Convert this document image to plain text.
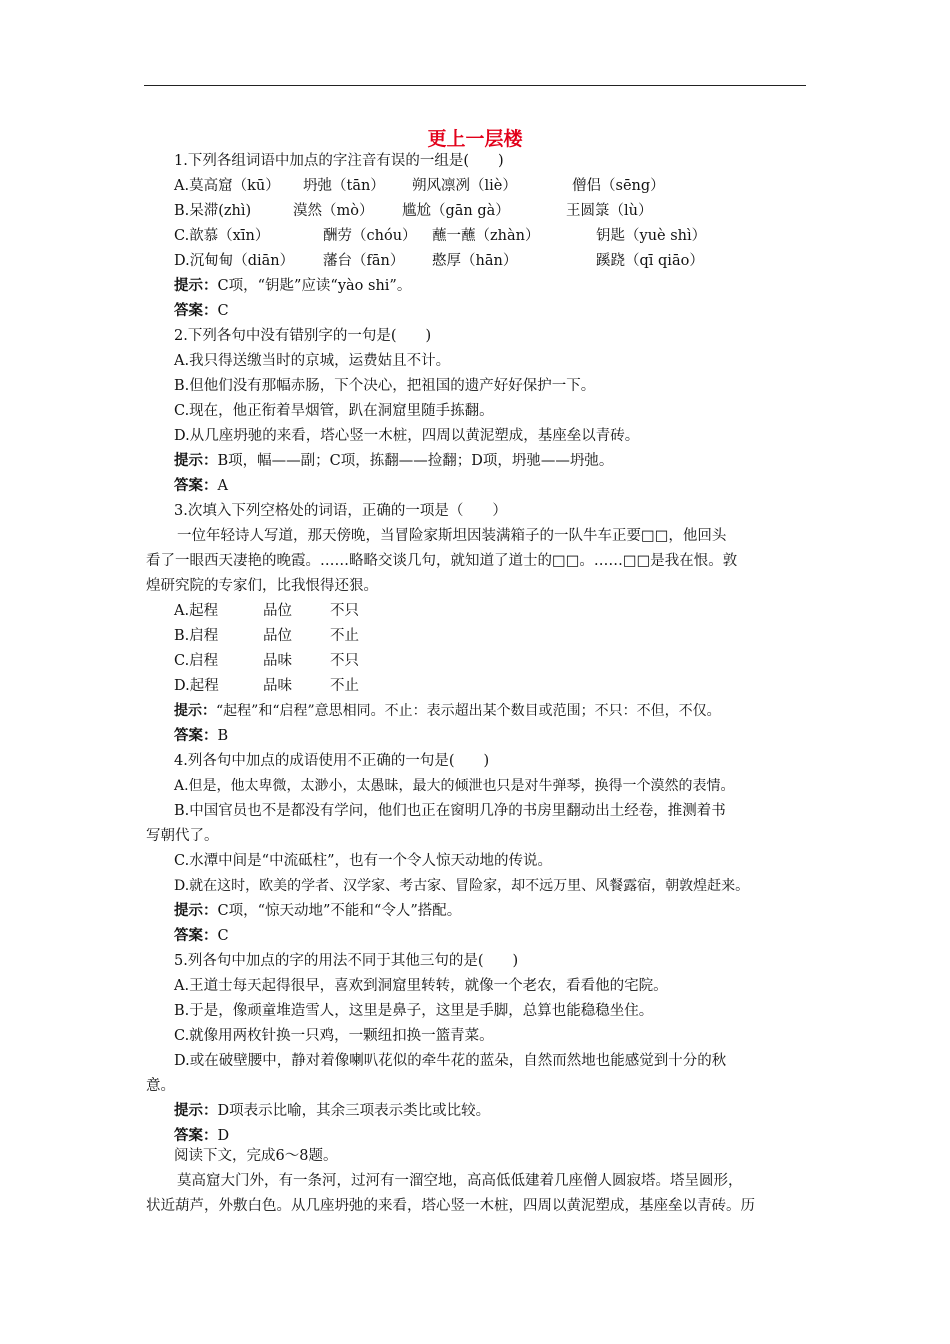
更上一层楼
1.下列各组词语中加点的字注音有误的一组是(　　)
A.莫高窟（kū） 坍弛（tān） 朔风凛冽（liè）	僧侣（sēng）
B.呆滞(zhì)	漠然（mò） 尴尬（gān gà）	王圆箓（lù）
C.歆慕（xīn）	酬劳（chóu） 蘸一蘸（zhàn）	钥匙（yuè shì）
D.沉甸甸（diān） 藩台（fān） 憨厚（hān）	蹊跷（qī qiāo）
提示：C项，“钥匙”应读“yào shi”。
答案：C
2.下列各句中没有错别字的一句是(　　)
A.我只得送缴当时的京城，运费姑且不计。
B.但他们没有那幅赤肠，下个决心，把祖国的遗产好好保护一下。
C.现在，他正衔着旱烟管，趴在洞窟里随手拣翻。
D.从几座坍驰的来看，塔心竖一木桩，四周以黄泥塑成，基座垒以青砖。
提示：B项，幅——副；C项，拣翻——捡翻；D项，坍驰——坍弛。
答案：A
3.次填入下列空格处的词语，正确的一项是（　　）
一位年轻诗人写道，那天傍晚，当冒险家斯坦因装满箱子的一队牛车正要□□，他回头
看了一眼西天凄艳的晚霞。……略略交谈几句，就知道了道士的□□。……□□是我在恨。敦
煌研究院的专家们，比我恨得还狠。
A.起程	品位	不只
B.启程	品位	不止
C.启程	品味	不只
D.起程	品味	不止
提示：“起程”和“启程”意思相同。不止：表示超出某个数目或范围；不只：不但，不仅。
答案：B
4.列各句中加点的成语使用不正确的一句是(　　)
A.但是，他太卑微，太渺小，太愚昧，最大的倾泄也只是对牛弹琴，换得一个漠然的表情。
B.中国官员也不是都没有学问，他们也正在窗明几净的书房里翻动出土经卷，推测着书
写朝代了。
C.水潭中间是“中流砥柱”，也有一个令人惊天动地的传说。
D.就在这时，欧美的学者、汉学家、考古家、冒险家，却不远万里、风餐露宿，朝敦煌赶来。
提示：C项，“惊天动地”不能和“令人”搭配。
答案：C
5.列各句中加点的字的用法不同于其他三句的是(　　)
A.王道士每天起得很早，喜欢到洞窟里转转，就像一个老农，看看他的宅院。
B.于是，像顽童堆造雪人，这里是鼻子，这里是手脚，总算也能稳稳坐住。
C.就像用两枚针换一只鸡，一颗纽扣换一篮青菜。
D.或在破壁腰中，静对着像喇叭花似的牵牛花的蓝朵，自然而然地也能感觉到十分的秋
意。
提示：D项表示比喻，其余三项表示类比或比较。
答案：D
阅读下文，完成6～8题。
莫高窟大门外，有一条河，过河有一溜空地，高高低低建着几座僧人圆寂塔。塔呈圆形，
状近葫芦，外敷白色。从几座坍弛的来看，塔心竖一木桩，四周以黄泥塑成，基座垒以青砖。历
